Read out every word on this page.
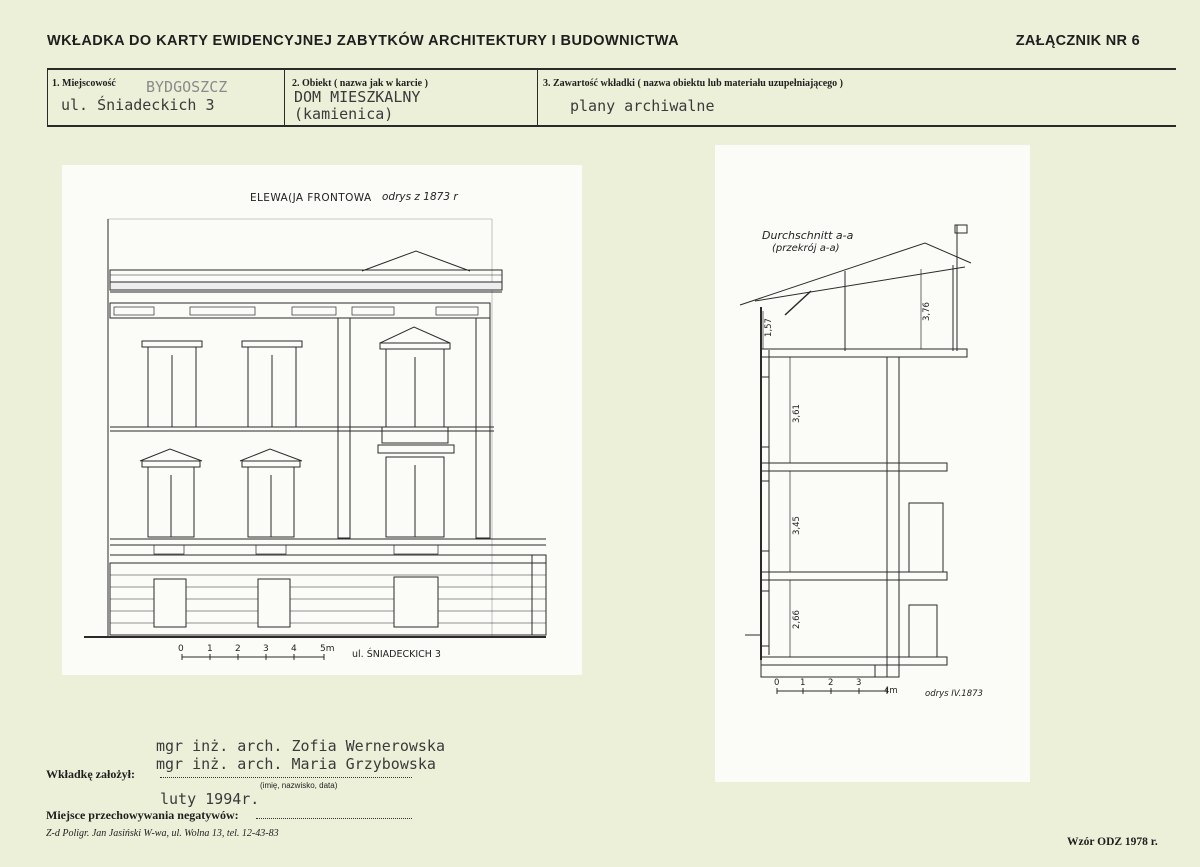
WKŁADKA DO KARTY EWIDENCYJNEJ ZABYTKÓW ARCHITEKTURY I BUDOWNICTWA	ZAŁĄCZNIK NR 6
1. Miejscowość BYDGOSZCZ
ul. Śniadeckich 3
2. Obiekt ( nazwa jak w karcie )
DOM MIESZKALNY
(kamienica)
3. Zawartość wkładki ( nazwa obiektu lub materiału uzupełniającego )
plany archiwalne
ELEWA(JA FRONTOWA odrys z 1873 r
0	1 2 3 4	5m ul. ŚNIADECKICH 3
Durchschnitt a-a
(przekrój a-a)
1,57
3,76
3,61
3,45
2,66
0 1	2	3
4m	odrys IV.1873
mgr inż. arch. Zofia Wernerowska
mgr inż. arch. Maria Grzybowska
Wkładkę założył:
(imię, nazwisko, data)
luty 1994r.
Miejsce przechowywania negatywów:
Z-d Poligr. Jan Jasiński W-wa, ul. Wolna 13, tel. 12-43-83
Wzór ODZ 1978 r.
